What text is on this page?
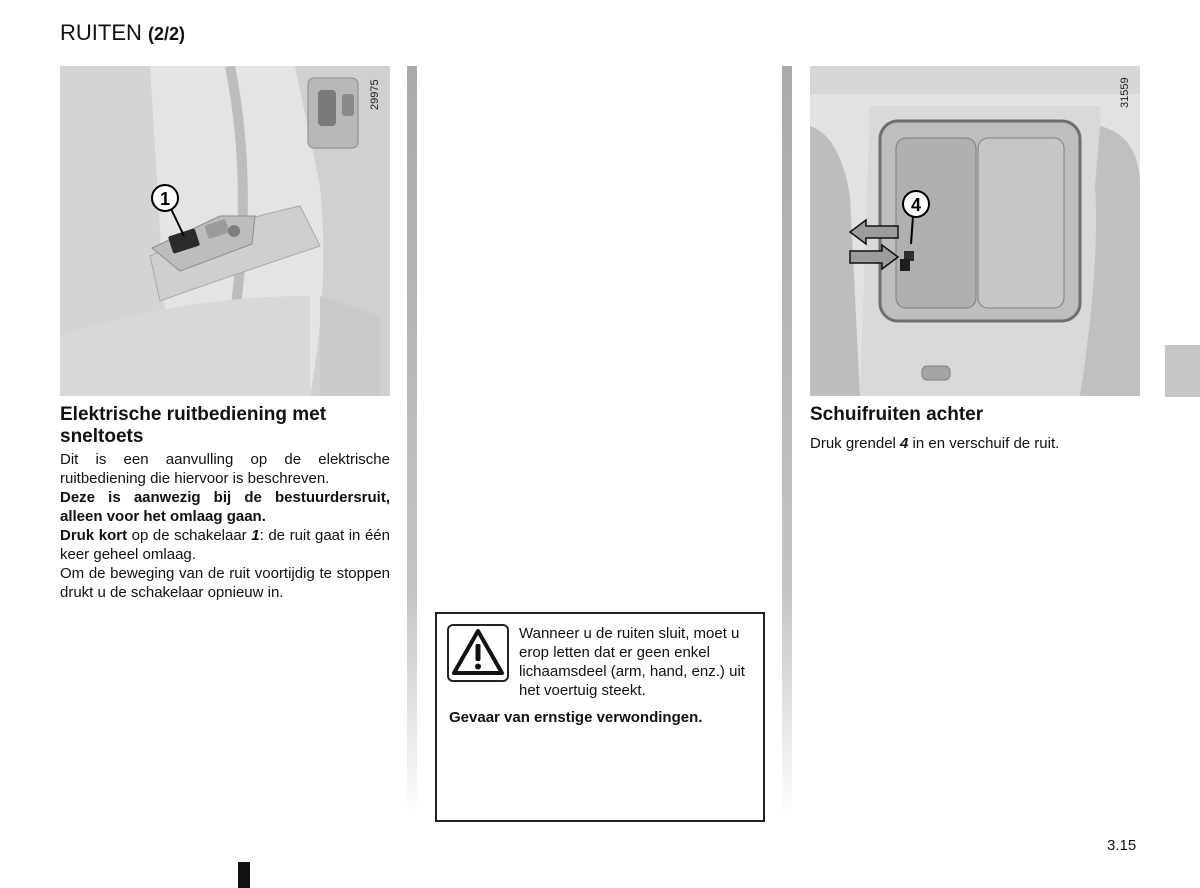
RUITEN (2/2)
1
29975
Elektrische ruitbediening met sneltoets

Dit is een aanvulling op de elektrische ruitbediening die hiervoor is beschreven.

Deze is aanwezig bij de bestuurdersruit, alleen voor het omlaag gaan.

Druk kort op de schakelaar 1: de ruit gaat in één keer geheel omlaag.

Om de beweging van de ruit voortijdig te stoppen drukt u de schakelaar opnieuw in.

Wanneer u de ruiten sluit, moet u erop letten dat er geen enkel lichaamsdeel (arm, hand, enz.) uit het voertuig steekt.
Gevaar van ernstige verwondingen.
4
31559
Schuifruiten achter

Druk grendel 4 in en verschuif de ruit.

3.15
